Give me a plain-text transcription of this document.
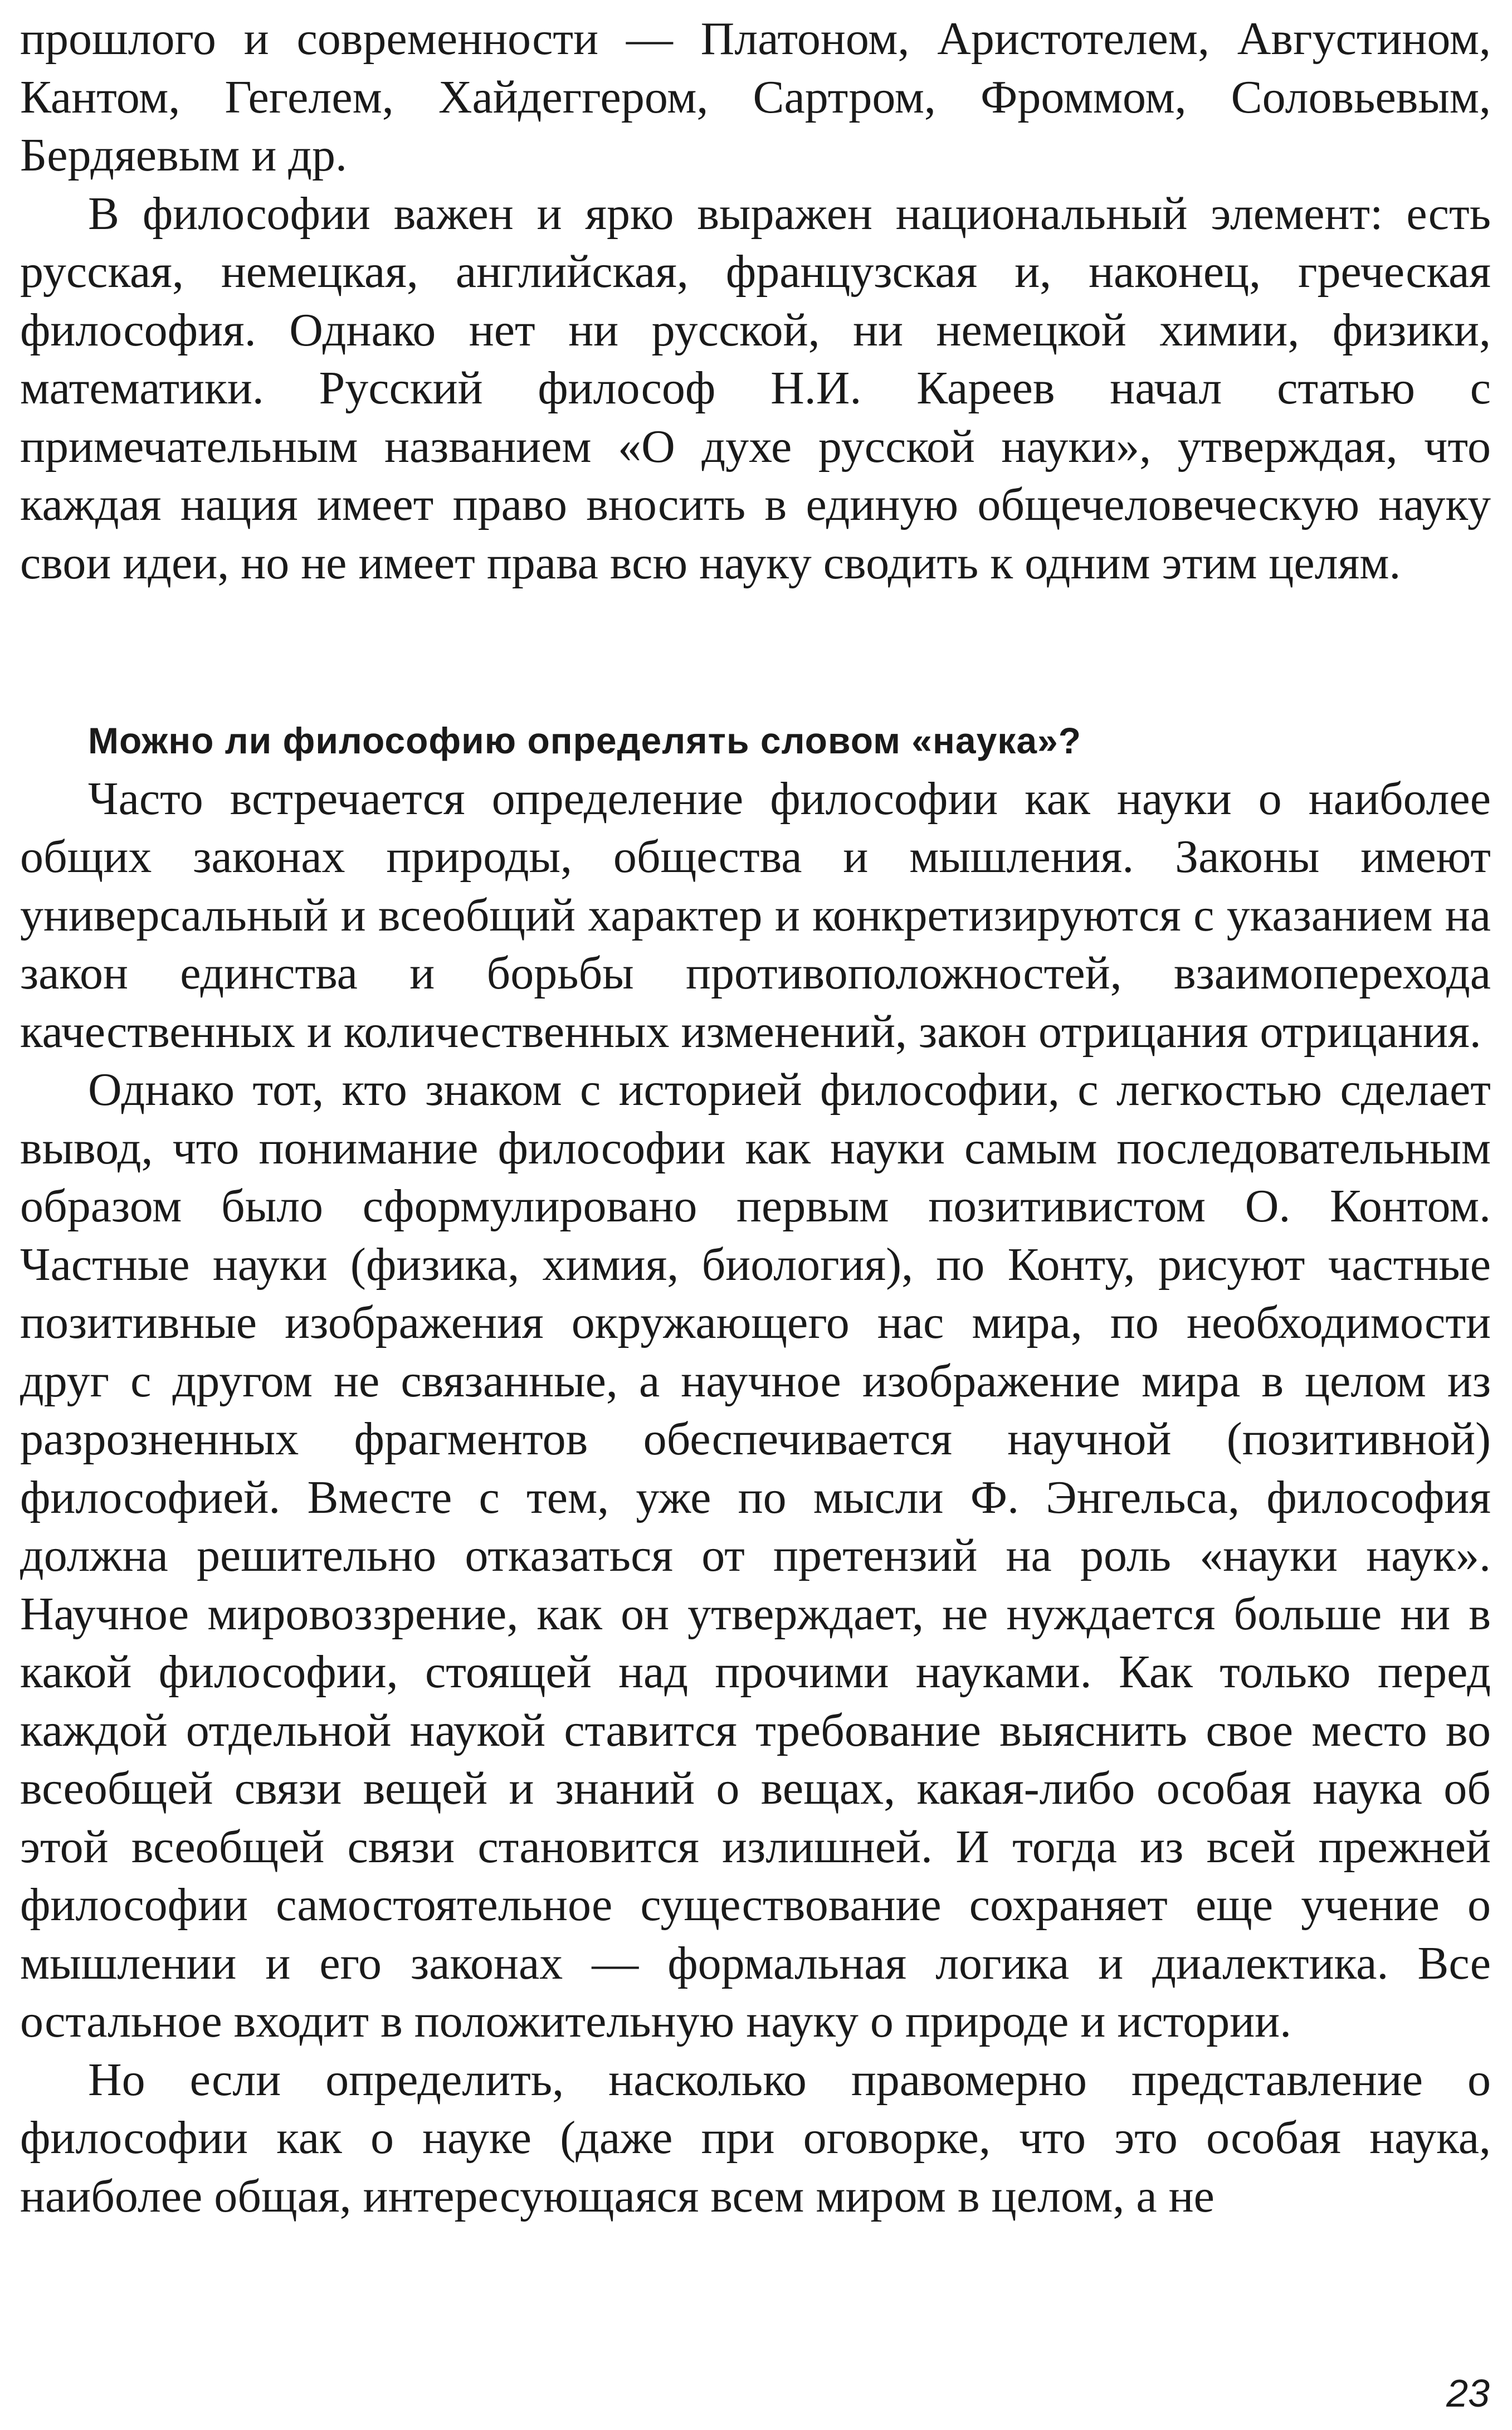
прошлого и современности — Платоном, Аристотелем, Августином, Кантом, Гегелем, Хайдеггером, Сартром, Фроммом, Соловьевым, Бердяевым и др.

В философии важен и ярко выражен национальный элемент: есть русская, немецкая, английская, французская и, наконец, греческая философия. Однако нет ни русской, ни немецкой химии, физики, математики. Русский философ Н.И. Кареев начал статью с примечательным названием «О духе русской науки», утверждая, что каждая нация имеет право вносить в единую общечеловеческую науку свои идеи, но не имеет права всю науку сводить к одним этим целям.

Можно ли философию определять словом «наука»?

Часто встречается определение философии как науки о наиболее общих законах природы, общества и мышления. Законы имеют универсальный и всеобщий характер и конкретизируются с указанием на закон единства и борьбы противоположностей, взаимоперехода качественных и количественных изменений, закон отрицания отрицания.

Однако тот, кто знаком с историей философии, с легкостью сделает вывод, что понимание философии как науки самым последовательным образом было сформулировано первым позитивистом О. Контом. Частные науки (физика, химия, биология), по Конту, рисуют частные позитивные изображения окружающего нас мира, по необходимости друг с другом не связанные, а научное изображение мира в целом из разрозненных фрагментов обеспечивается научной (позитивной) философией. Вместе с тем, уже по мысли Ф. Энгельса, философия должна решительно отказаться от претензий на роль «науки наук». Научное мировоззрение, как он утверждает, не нуждается больше ни в какой философии, стоящей над прочими науками. Как только перед каждой отдельной наукой ставится требование выяснить свое место во всеобщей связи вещей и знаний о вещах, какая-либо особая наука об этой всеобщей связи становится излишней. И тогда из всей прежней философии самостоятельное существование сохраняет еще учение о мышлении и его законах — формальная логика и диалектика. Все остальное входит в положительную науку о природе и истории.

Но если определить, насколько правомерно представление о философии как о науке (даже при оговорке, что это особая наука, наиболее общая, интересующаяся всем миром в целом, а не

23
